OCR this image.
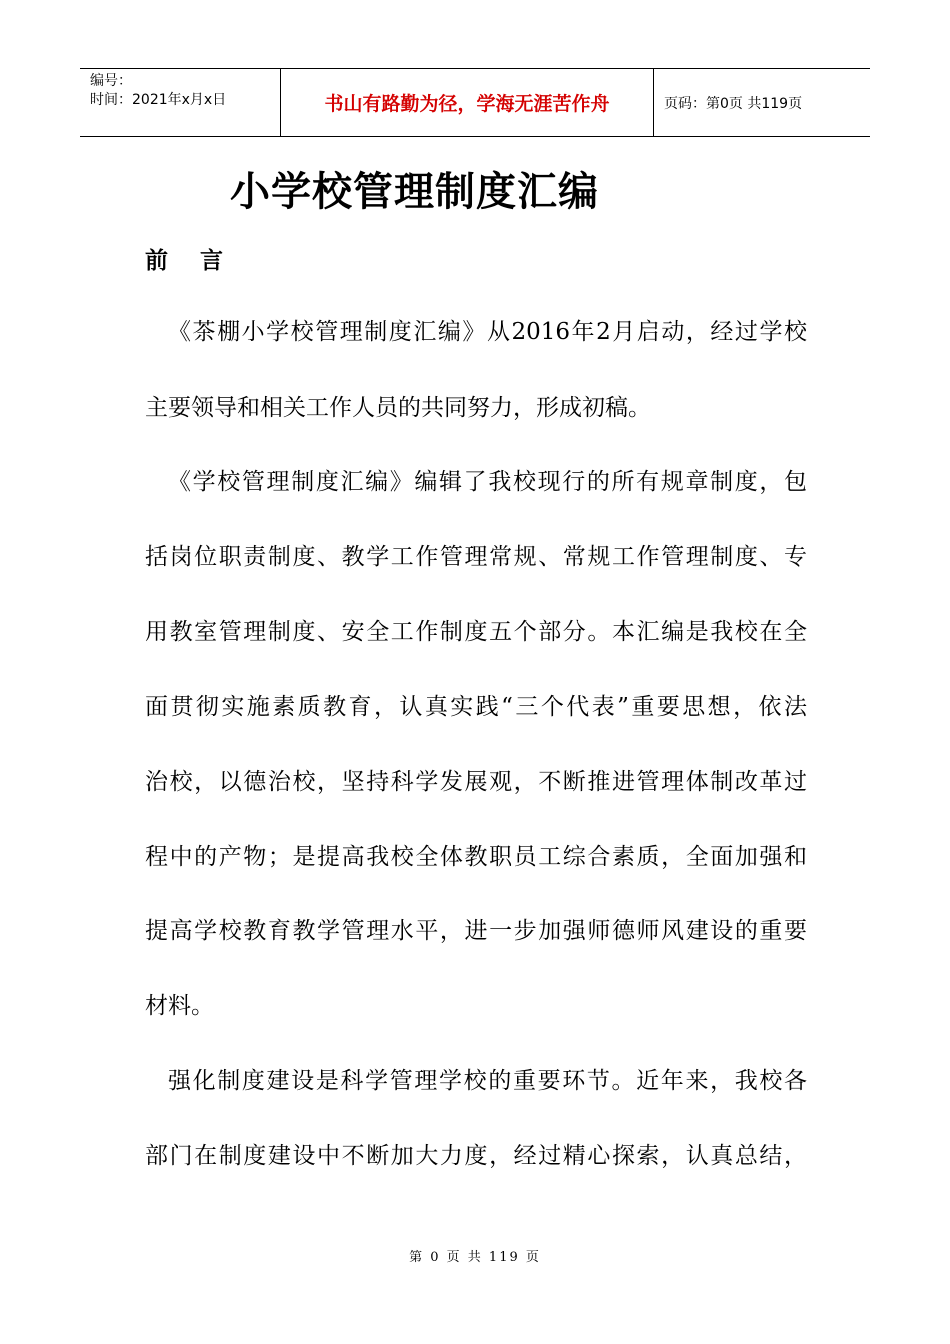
编号：
时间：2021年x月x日	书山有路勤为径，学海无涯苦作舟	页码：第0页 共119页
小学校管理制度汇编
前 言
《茶棚小学校管理制度汇编》从2016年2月启动，经过学校
主要领导和相关工作人员的共同努力，形成初稿。
《学校管理制度汇编》编辑了我校现行的所有规章制度，包
括岗位职责制度、教学工作管理常规、常规工作管理制度、专
用教室管理制度、安全工作制度五个部分。本汇编是我校在全
面贯彻实施素质教育，认真实践“三个代表”重要思想，依法
治校，以德治校，坚持科学发展观，不断推进管理体制改革过
程中的产物；是提高我校全体教职员工综合素质，全面加强和
提高学校教育教学管理水平，进一步加强师德师风建设的重要
材料。
强化制度建设是科学管理学校的重要环节。近年来，我校各
部门在制度建设中不断加大力度，经过精心探索，认真总结，
第 0 页 共 119 页
